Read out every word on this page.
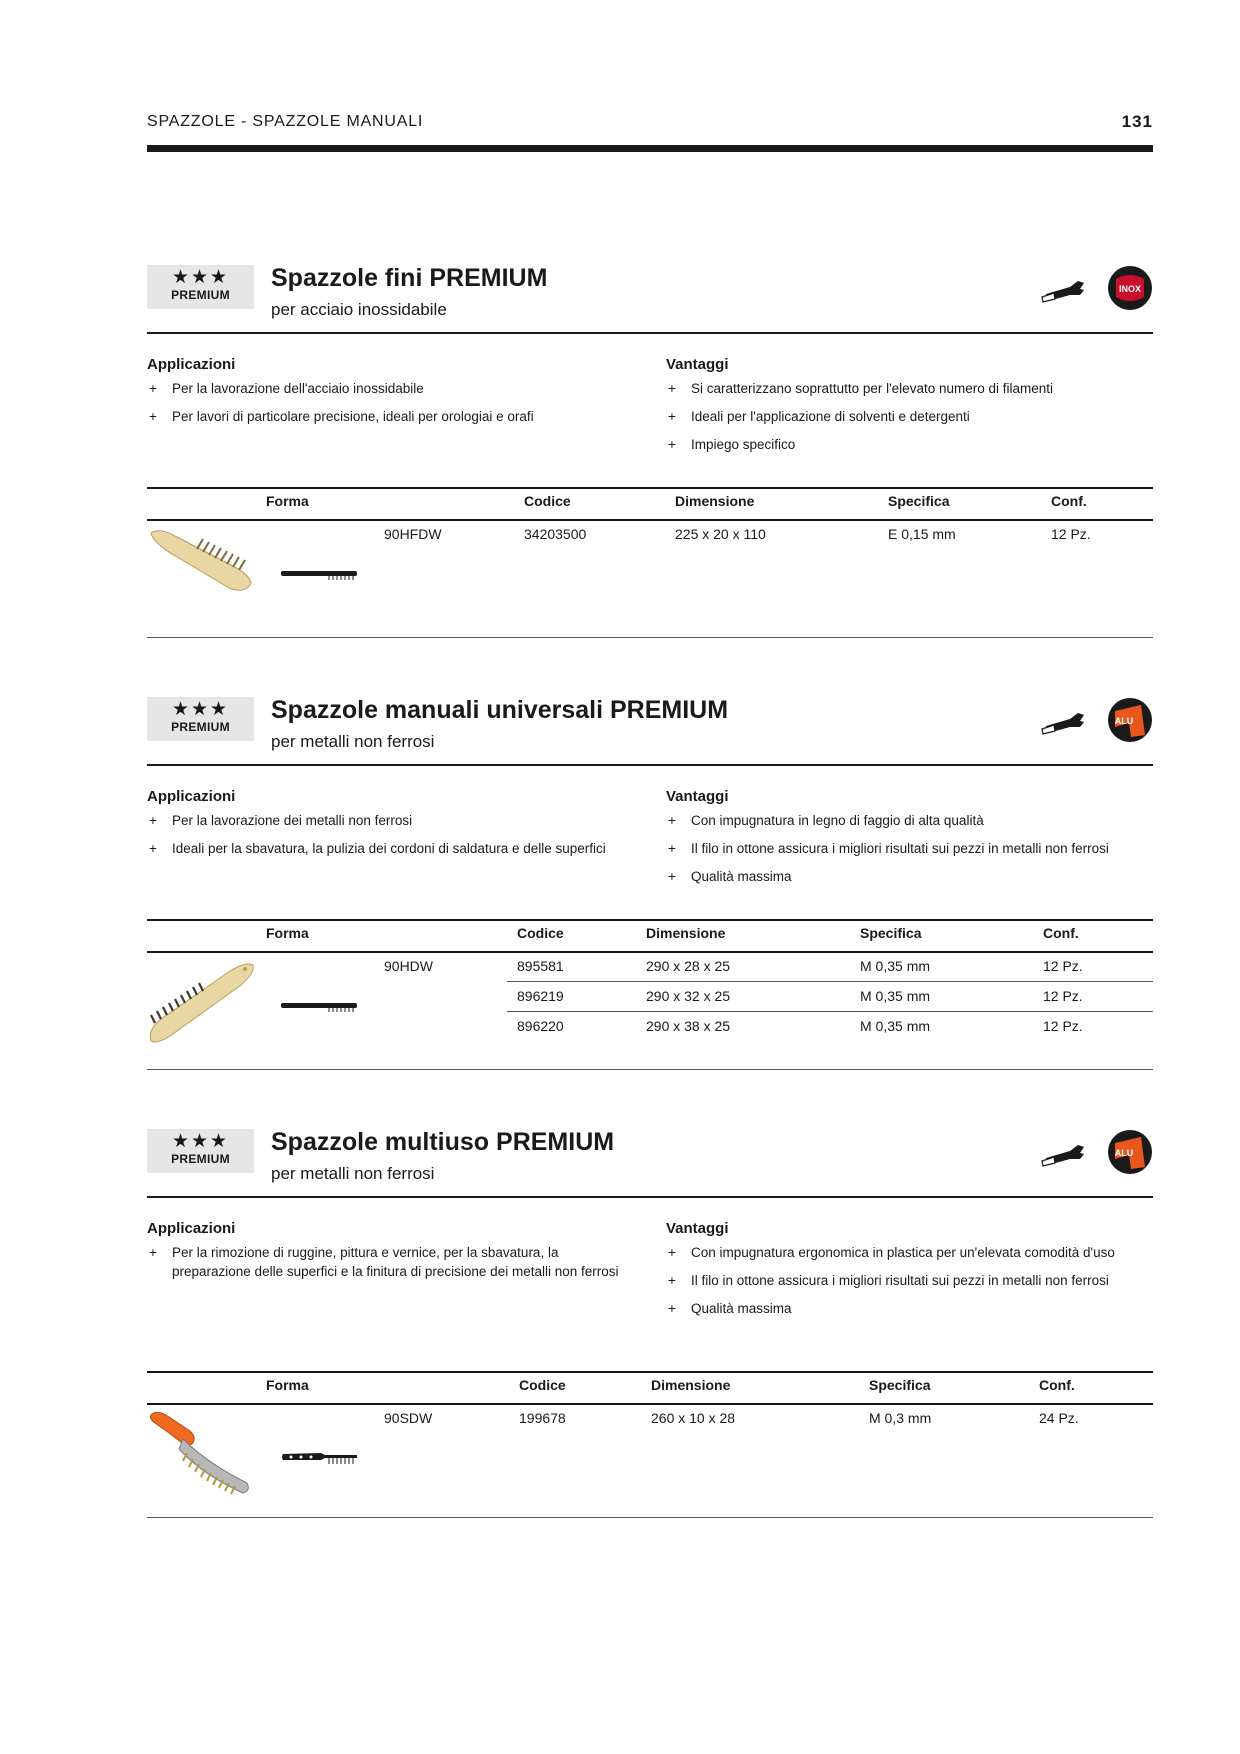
SPAZZOLE - SPAZZOLE MANUALI	131
★★★
PREMIUM
Spazzole fini PREMIUM
per acciaio inossidabile
INOX
Applicazioni
+ Per la lavorazione dell'acciaio inossidabile
+ Per lavori di particolare precisione, ideali per orologiai e orafi
Vantaggi
+ Si caratterizzano soprattutto per l'elevato numero di filamenti
+ Ideali per l'applicazione di solventi e detergenti
+ Impiego specifico
Forma	Codice	Dimensione	Specifica	Conf.
90HFDW	34203500	225 x 20 x 110	E 0,15 mm	12 Pz.
★★★
PREMIUM
Spazzole manuali universali PREMIUM
per metalli non ferrosi
ALU
Applicazioni
+ Per la lavorazione dei metalli non ferrosi
+ Ideali per la sbavatura, la pulizia dei cordoni di saldatura e delle superfici
Vantaggi
+ Con impugnatura in legno di faggio di alta qualità
+ Il filo in ottone assicura i migliori risultati sui pezzi in metalli non ferrosi
+ Qualità massima
Forma	Codice	Dimensione	Specifica	Conf.
90HDW	895581	290 x 28 x 25	M 0,35 mm	12 Pz.
896219	290 x 32 x 25	M 0,35 mm	12 Pz.
896220	290 x 38 x 25	M 0,35 mm	12 Pz.
★★★
PREMIUM
Spazzole multiuso PREMIUM
per metalli non ferrosi
ALU
Applicazioni
+ Per la rimozione di ruggine, pittura e vernice, per la sbavatura, la preparazione delle superfici e la finitura di precisione dei metalli non ferrosi
Vantaggi
+ Con impugnatura ergonomica in plastica per un'elevata comodità d'uso
+ Il filo in ottone assicura i migliori risultati sui pezzi in metalli non ferrosi
+ Qualità massima
Forma	Codice	Dimensione	Specifica	Conf.
90SDW	199678	260 x 10 x 28	M 0,3 mm	24 Pz.
